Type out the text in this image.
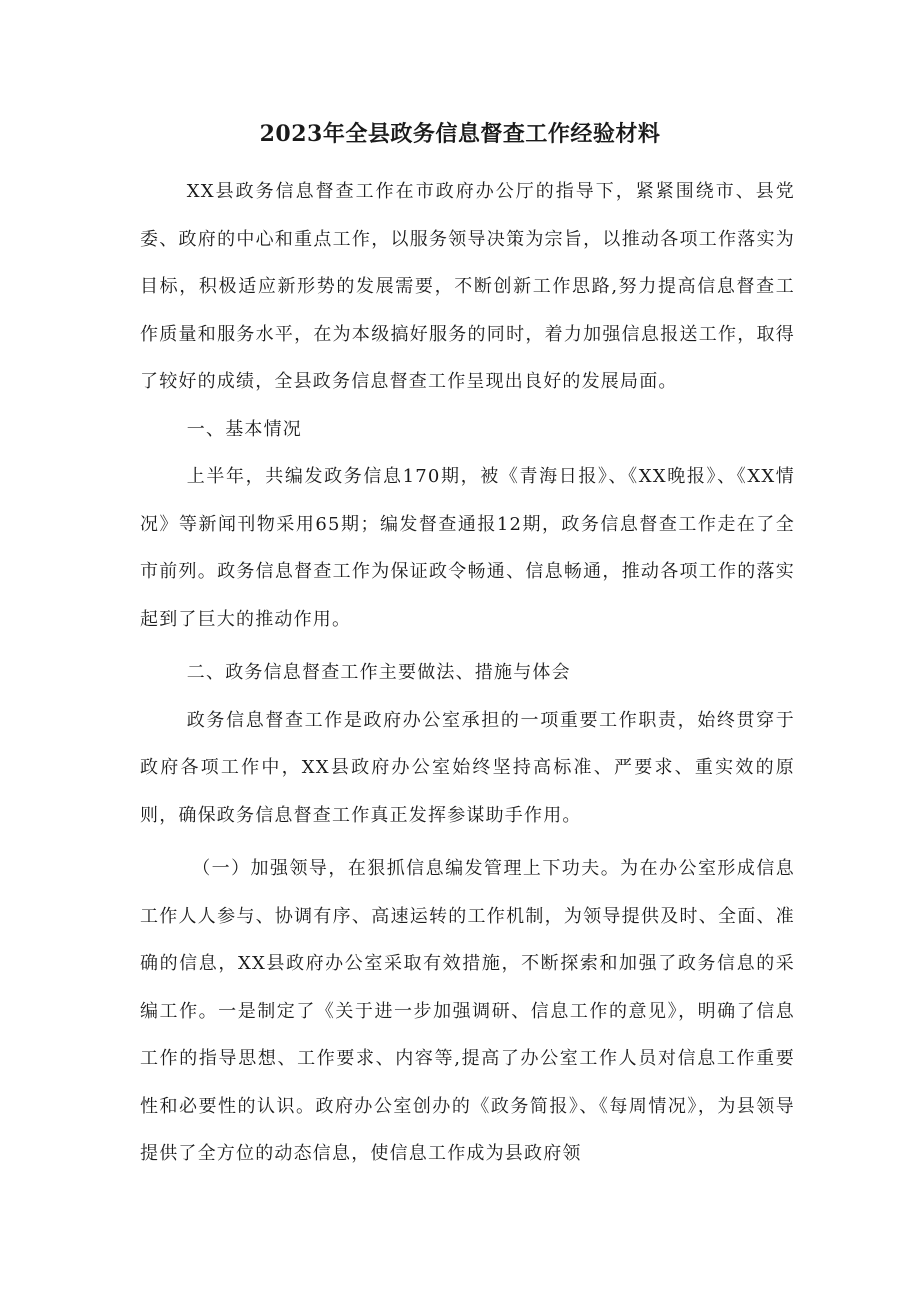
2023年全县政务信息督查工作经验材料

XX县政务信息督查工作在市政府办公厅的指导下，紧紧围绕市、县党委、政府的中心和重点工作，以服务领导决策为宗旨，以推动各项工作落实为目标，积极适应新形势的发展需要，不断创新工作思路,努力提高信息督查工作质量和服务水平，在为本级搞好服务的同时，着力加强信息报送工作，取得了较好的成绩，全县政务信息督查工作呈现出良好的发展局面。

一、基本情况

上半年，共编发政务信息170期，被《青海日报》、《XX晚报》、《XX情况》等新闻刊物采用65期；编发督查通报12期，政务信息督查工作走在了全市前列。政务信息督查工作为保证政令畅通、信息畅通，推动各项工作的落实起到了巨大的推动作用。

二、政务信息督查工作主要做法、措施与体会

政务信息督查工作是政府办公室承担的一项重要工作职责，始终贯穿于政府各项工作中，XX县政府办公室始终坚持高标准、严要求、重实效的原则，确保政务信息督查工作真正发挥参谋助手作用。

（一）加强领导，在狠抓信息编发管理上下功夫。为在办公室形成信息工作人人参与、协调有序、高速运转的工作机制，为领导提供及时、全面、准确的信息，XX县政府办公室采取有效措施，不断探索和加强了政务信息的采编工作。一是制定了《关于进一步加强调研、信息工作的意见》，明确了信息工作的指导思想、工作要求、内容等,提高了办公室工作人员对信息工作重要性和必要性的认识。政府办公室创办的《政务简报》、《每周情况》，为县领导提供了全方位的动态信息，使信息工作成为县政府领
